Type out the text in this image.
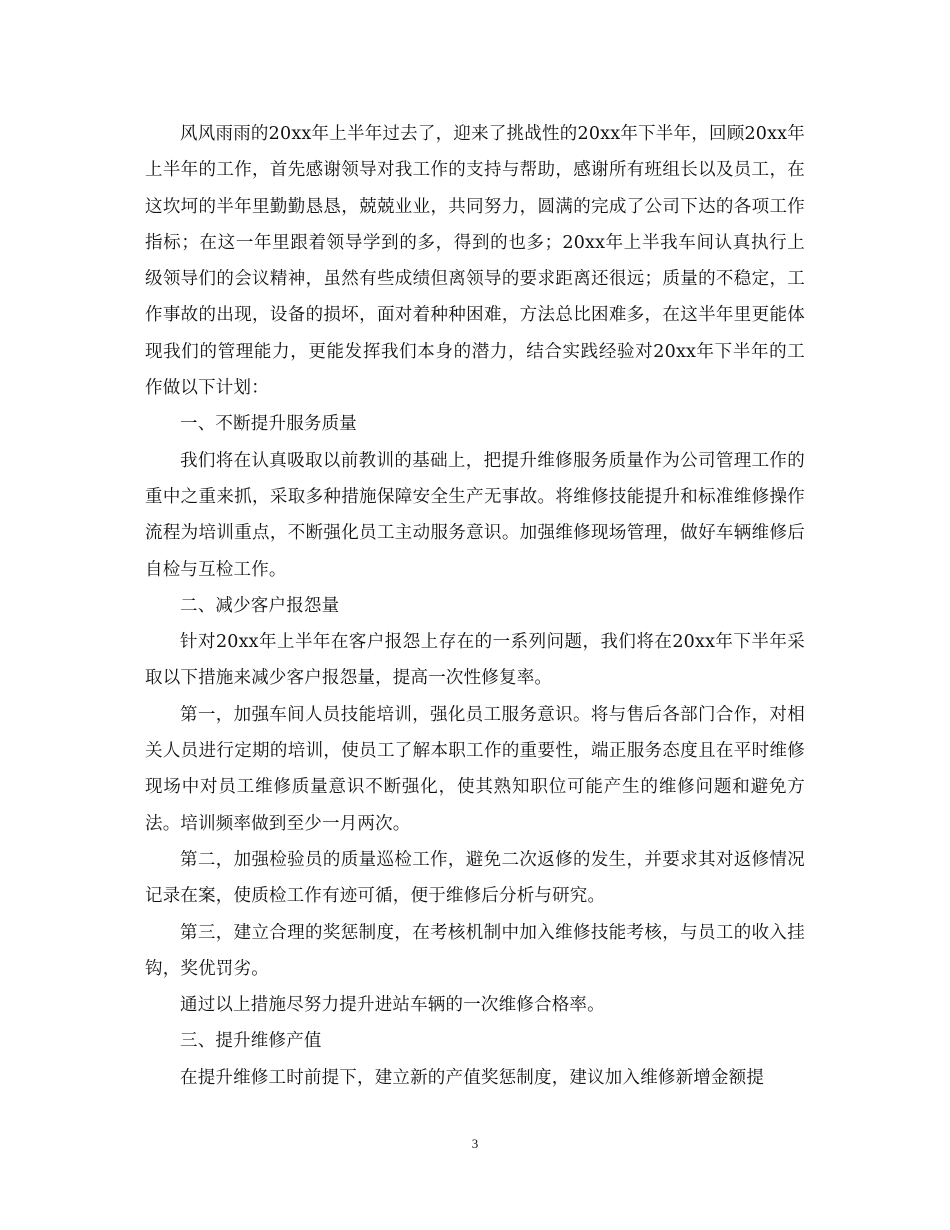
风风雨雨的20xx年上半年过去了，迎来了挑战性的20xx年下半年，回顾20xx年上半年的工作，首先感谢领导对我工作的支持与帮助，感谢所有班组长以及员工，在这坎坷的半年里勤勤恳恳，兢兢业业，共同努力，圆满的完成了公司下达的各项工作指标；在这一年里跟着领导学到的多，得到的也多；20xx年上半我车间认真执行上级领导们的会议精神，虽然有些成绩但离领导的要求距离还很远；质量的不稳定，工作事故的出现，设备的损坏，面对着种种困难，方法总比困难多，在这半年里更能体现我们的管理能力，更能发挥我们本身的潜力，结合实践经验对20xx年下半年的工作做以下计划：

一、不断提升服务质量

我们将在认真吸取以前教训的基础上，把提升维修服务质量作为公司管理工作的重中之重来抓，采取多种措施保障安全生产无事故。将维修技能提升和标准维修操作流程为培训重点，不断强化员工主动服务意识。加强维修现场管理，做好车辆维修后自检与互检工作。

二、减少客户报怨量

针对20xx年上半年在客户报怨上存在的一系列问题，我们将在20xx年下半年采取以下措施来减少客户报怨量，提高一次性修复率。

第一，加强车间人员技能培训，强化员工服务意识。将与售后各部门合作，对相关人员进行定期的培训，使员工了解本职工作的重要性，端正服务态度且在平时维修现场中对员工维修质量意识不断强化，使其熟知职位可能产生的维修问题和避免方法。培训频率做到至少一月两次。

第二，加强检验员的质量巡检工作，避免二次返修的发生，并要求其对返修情况记录在案，使质检工作有迹可循，便于维修后分析与研究。

第三，建立合理的奖惩制度，在考核机制中加入维修技能考核，与员工的收入挂钩，奖优罚劣。

通过以上措施尽努力提升进站车辆的一次维修合格率。

三、提升维修产值

在提升维修工时前提下，建立新的产值奖惩制度，建议加入维修新增金额提

3
